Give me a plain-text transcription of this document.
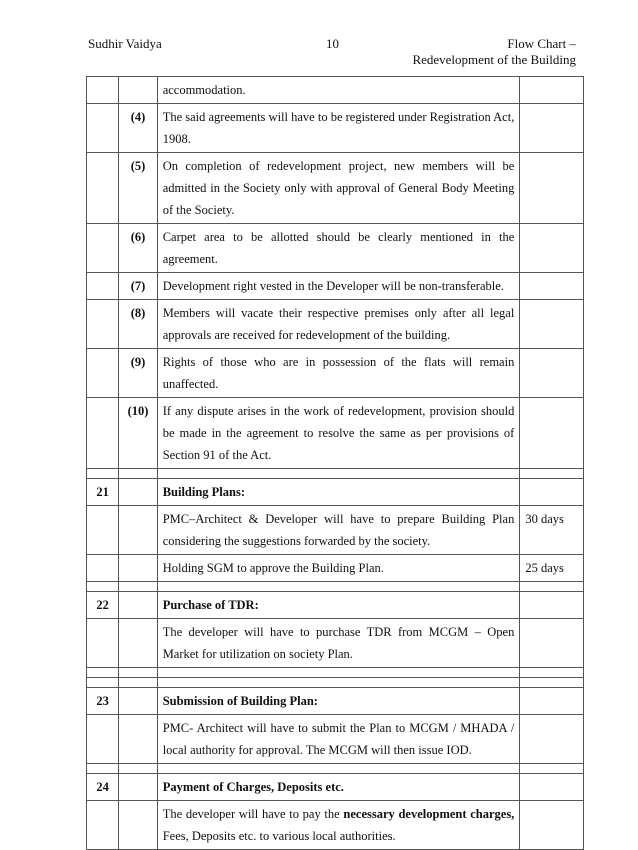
Sudhir Vaidya	10	Flow Chart –
Redevelopment of the Building
		accommodation.	
	(4)	The said agreements will have to be registered under Registration Act, 1908.	
	(5)	On completion of redevelopment project, new members will be admitted in the Society only with approval of General Body Meeting of the Society.	
	(6)	Carpet area to be allotted should be clearly mentioned in the agreement.	
	(7)	Development right vested in the Developer will be non-transferable.	
	(8)	Members will vacate their respective premises only after all legal approvals are received for redevelopment of the building.	
	(9)	Rights of those who are in possession of the flats will remain unaffected.	
	(10)	If any dispute arises in the work of redevelopment, provision should be made in the agreement to resolve the same as per provisions of Section 91 of the Act.	

21		Building Plans:	
		PMC–Architect & Developer will have to prepare Building Plan considering the suggestions forwarded by the society.	30 days
		Holding SGM to approve the Building Plan.	25 days

22		Purchase of TDR:	
		The developer will have to purchase TDR from MCGM – Open Market for utilization on society Plan.	

23		Submission of Building Plan:	
		PMC- Architect will have to submit the Plan to MCGM / MHADA / local authority for approval. The MCGM will then issue IOD.	

24		Payment of Charges, Deposits etc.	
		The developer will have to pay the necessary development charges, Fees, Deposits etc. to various local authorities.	
